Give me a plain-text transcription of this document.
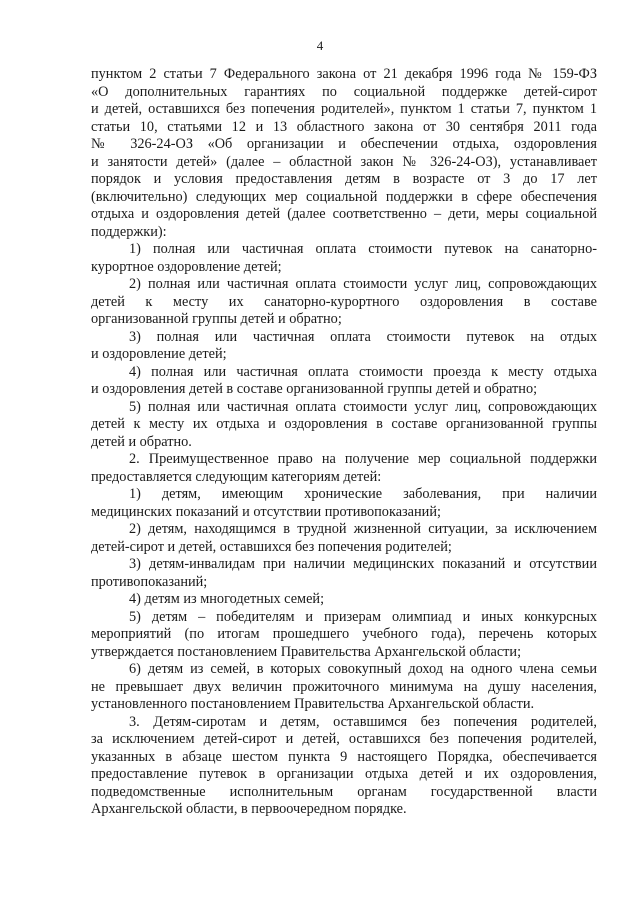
4
пунктом 2 статьи 7 Федерального закона от 21 декабря 1996 года № 159-ФЗ
«О дополнительных гарантиях по социальной поддержке детей-сирот
и детей, оставшихся без попечения родителей», пунктом 1 статьи 7, пунктом 1
статьи 10, статьями 12 и 13 областного закона от 30 сентября 2011 года
№ 326-24-ОЗ «Об организации и обеспечении отдыха, оздоровления
и занятости детей» (далее – областной закон № 326-24-ОЗ), устанавливает
порядок и условия предоставления детям в возрасте от 3 до 17 лет
(включительно) следующих мер социальной поддержки в сфере обеспечения
отдыха и оздоровления детей (далее соответственно – дети, меры социальной
поддержки):
1) полная или частичная оплата стоимости путевок на санаторно-
курортное оздоровление детей;
2) полная или частичная оплата стоимости услуг лиц, сопровождающих
детей к месту их санаторно-курортного оздоровления в составе
организованной группы детей и обратно;
3) полная или частичная оплата стоимости путевок на отдых
и оздоровление детей;
4) полная или частичная оплата стоимости проезда к месту отдыха
и оздоровления детей в составе организованной группы детей и обратно;
5) полная или частичная оплата стоимости услуг лиц, сопровождающих
детей к месту их отдыха и оздоровления в составе организованной группы
детей и обратно.
2. Преимущественное право на получение мер социальной поддержки
предоставляется следующим категориям детей:
1) детям, имеющим хронические заболевания, при наличии
медицинских показаний и отсутствии противопоказаний;
2) детям, находящимся в трудной жизненной ситуации, за исключением
детей-сирот и детей, оставшихся без попечения родителей;
3) детям-инвалидам при наличии медицинских показаний и отсутствии
противопоказаний;
4) детям из многодетных семей;
5) детям – победителям и призерам олимпиад и иных конкурсных
мероприятий (по итогам прошедшего учебного года), перечень которых
утверждается постановлением Правительства Архангельской области;
6) детям из семей, в которых совокупный доход на одного члена семьи
не превышает двух величин прожиточного минимума на душу населения,
установленного постановлением Правительства Архангельской области.
3. Детям-сиротам и детям, оставшимся без попечения родителей,
за исключением детей-сирот и детей, оставшихся без попечения родителей,
указанных в абзаце шестом пункта 9 настоящего Порядка, обеспечивается
предоставление путевок в организации отдыха детей и их оздоровления,
подведомственные исполнительным органам государственной власти
Архангельской области, в первоочередном порядке.
